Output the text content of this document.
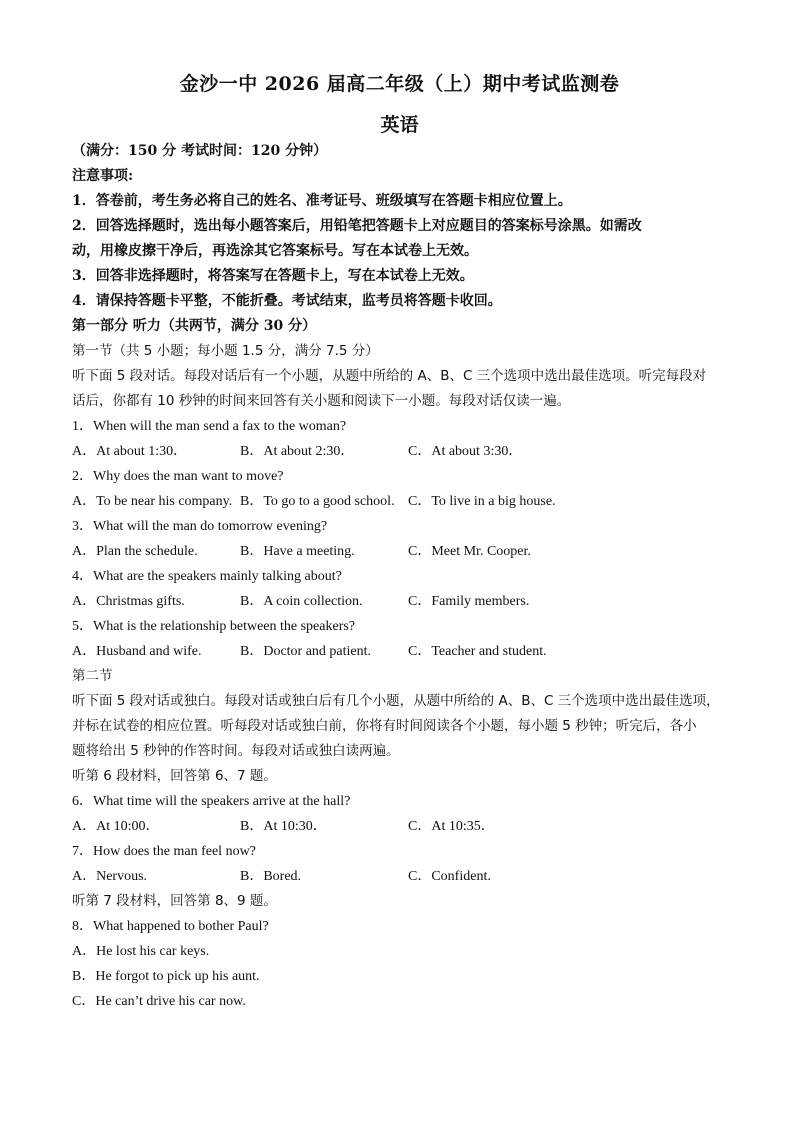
金沙一中 2026 届高二年级（上）期中考试监测卷
英语
（满分：150 分 考试时间：120 分钟）
注意事项:
1．答卷前，考生务必将自己的姓名、准考证号、班级填写在答题卡相应位置上。
2．回答选择题时，选出每小题答案后，用铅笔把答题卡上对应题目的答案标号涂黑。如需改
动，用橡皮擦干净后，再选涂其它答案标号。写在本试卷上无效。
3．回答非选择题时，将答案写在答题卡上，写在本试卷上无效。
4．请保持答题卡平整，不能折叠。考试结束，监考员将答题卡收回。
第一部分 听力（共两节，满分 30 分）
第一节（共 5 小题；每小题 1.5 分，满分 7.5 分）
听下面 5 段对话。每段对话后有一个小题，从题中所给的 A、B、C 三个选项中选出最佳选项。听完每段对
话后，你都有 10 秒钟的时间来回答有关小题和阅读下一小题。每段对话仅读一遍。
1．When will the man send a fax to the woman?
A．At about 1:30．	B．At about 2:30．	C．At about 3:30．
2．Why does the man want to move?
A．To be near his company. B．To go to a good school. C．To live in a big house.
3．What will the man do tomorrow evening?
A．Plan the schedule.	B．Have a meeting.	C．Meet Mr. Cooper.
4．What are the speakers mainly talking about?
A．Christmas gifts.	B．A coin collection.	C．Family members.
5．What is the relationship between the speakers?
A．Husband and wife.	B．Doctor and patient.	C．Teacher and student.
第二节
听下面 5 段对话或独白。每段对话或独白后有几个小题，从题中所给的 A、B、C 三个选项中选出最佳选项，
并标在试卷的相应位置。听每段对话或独白前，你将有时间阅读各个小题，每小题 5 秒钟；听完后，各小
题将给出 5 秒钟的作答时间。每段对话或独白读两遍。
听第 6 段材料，回答第 6、7 题。
6．What time will the speakers arrive at the hall?
A．At 10:00．	B．At 10:30．	C．At 10:35．
7．How does the man feel now?
A．Nervous.	B．Bored.	C．Confident.
听第 7 段材料，回答第 8、9 题。
8．What happened to bother Paul?
A．He lost his car keys.
B．He forgot to pick up his aunt.
C．He can’t drive his car now.
